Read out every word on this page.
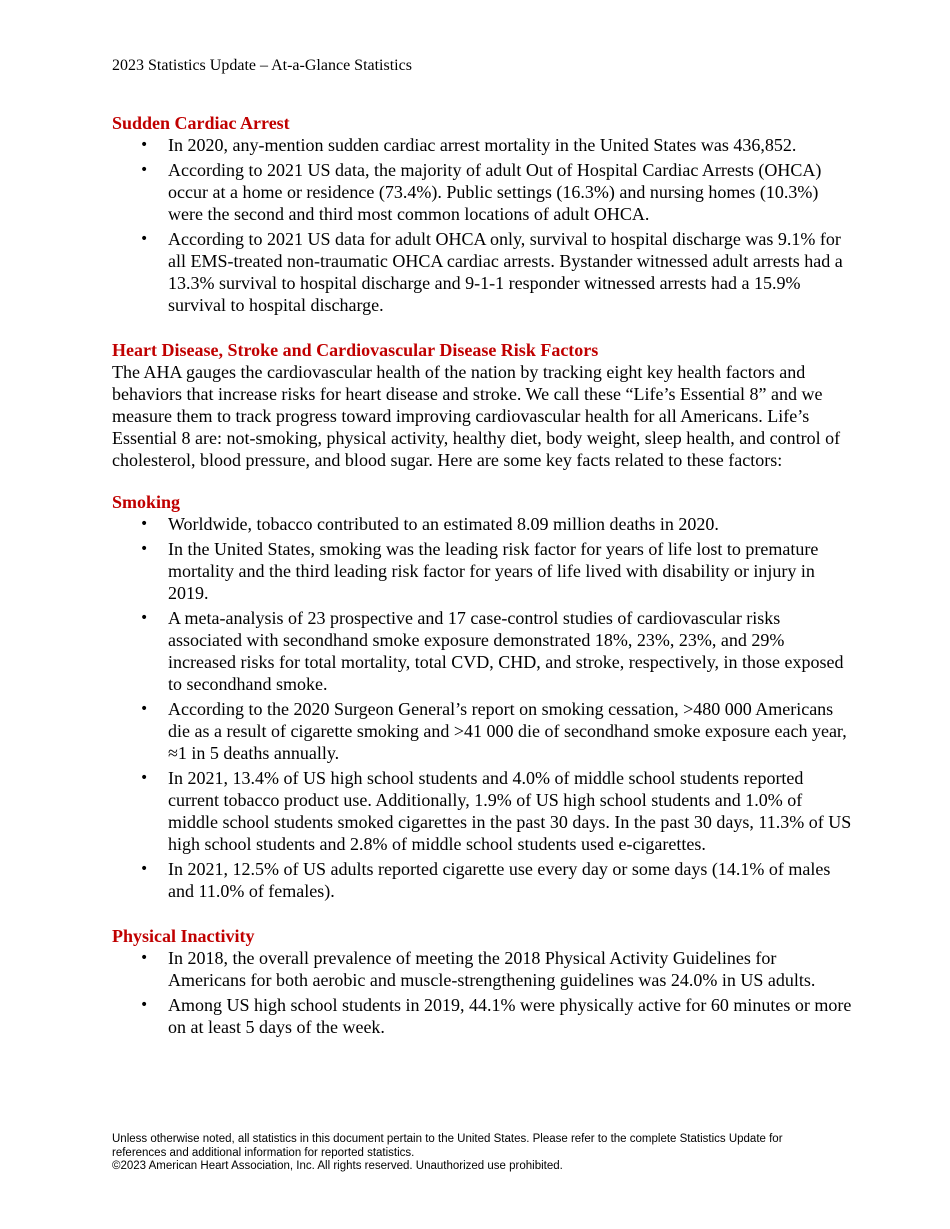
2023 Statistics Update – At-a-Glance Statistics
Sudden Cardiac Arrest
• In 2020, any-mention sudden cardiac arrest mortality in the United States was 436,852.
• According to 2021 US data, the majority of adult Out of Hospital Cardiac Arrests (OHCA) occur at a home or residence (73.4%). Public settings (16.3%) and nursing homes (10.3%) were the second and third most common locations of adult OHCA.
• According to 2021 US data for adult OHCA only, survival to hospital discharge was 9.1% for all EMS-treated non-traumatic OHCA cardiac arrests. Bystander witnessed adult arrests had a 13.3% survival to hospital discharge and 9-1-1 responder witnessed arrests had a 15.9% survival to hospital discharge.
Heart Disease, Stroke and Cardiovascular Disease Risk Factors

The AHA gauges the cardiovascular health of the nation by tracking eight key health factors and behaviors that increase risks for heart disease and stroke. We call these “Life’s Essential 8” and we measure them to track progress toward improving cardiovascular health for all Americans. Life’s Essential 8 are: not-smoking, physical activity, healthy diet, body weight, sleep health, and control of cholesterol, blood pressure, and blood sugar. Here are some key facts related to these factors:

Smoking
• Worldwide, tobacco contributed to an estimated 8.09 million deaths in 2020.
• In the United States, smoking was the leading risk factor for years of life lost to premature mortality and the third leading risk factor for years of life lived with disability or injury in 2019.
• A meta-analysis of 23 prospective and 17 case-control studies of cardiovascular risks associated with secondhand smoke exposure demonstrated 18%, 23%, 23%, and 29% increased risks for total mortality, total CVD, CHD, and stroke, respectively, in those exposed to secondhand smoke.
• According to the 2020 Surgeon General’s report on smoking cessation, >480 000 Americans die as a result of cigarette smoking and >41 000 die of secondhand smoke exposure each year, ≈1 in 5 deaths annually.
• In 2021, 13.4% of US high school students and 4.0% of middle school students reported current tobacco product use. Additionally, 1.9% of US high school students and 1.0% of middle school students smoked cigarettes in the past 30 days. In the past 30 days, 11.3% of US high school students and 2.8% of middle school students used e-cigarettes.
• In 2021, 12.5% of US adults reported cigarette use every day or some days (14.1% of males and 11.0% of females).
Physical Inactivity
• In 2018, the overall prevalence of meeting the 2018 Physical Activity Guidelines for Americans for both aerobic and muscle-strengthening guidelines was 24.0% in US adults.
• Among US high school students in 2019, 44.1% were physically active for 60 minutes or more on at least 5 days of the week.
Unless otherwise noted, all statistics in this document pertain to the United States. Please refer to the complete Statistics Update for references and additional information for reported statistics.
©2023 American Heart Association, Inc. All rights reserved. Unauthorized use prohibited.
